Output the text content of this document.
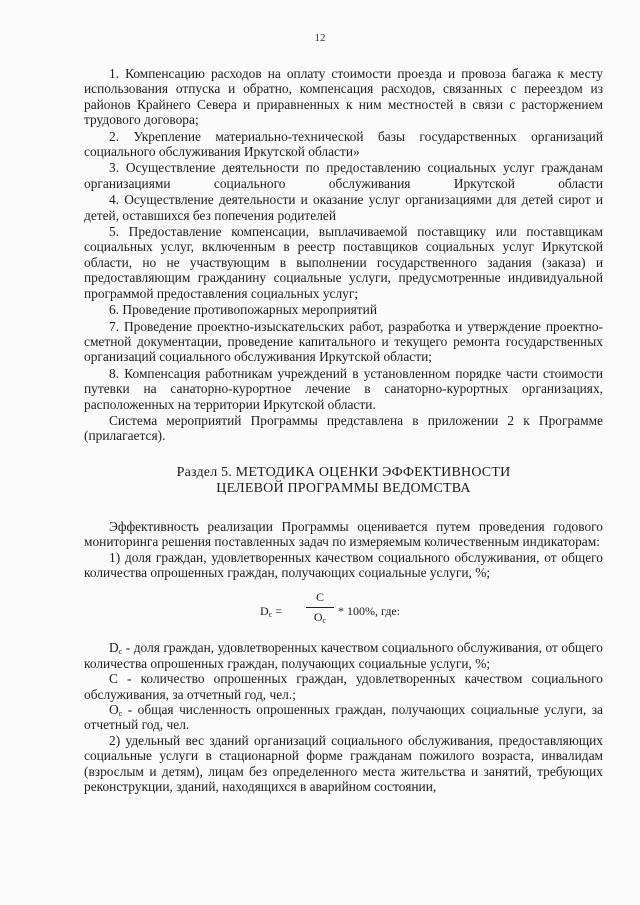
12

1. Компенсацию расходов на оплату стоимости проезда и провоза багажа к месту использования отпуска и обратно, компенсация расходов, связанных с переездом из районов Крайнего Севера и приравненных к ним местностей в связи с расторжением трудового договора;

2. Укрепление материально-технической базы государственных организаций социального обслуживания Иркутской области»

3. Осуществление деятельности по предоставлению социальных услуг гражданам организациями социального обслуживания Иркутской области

4. Осуществление деятельности и оказание услуг организациями для детей сирот и детей, оставшихся без попечения родителей

5. Предоставление компенсации, выплачиваемой поставщику или поставщикам социальных услуг, включенным в реестр поставщиков социальных услуг Иркутской области, но не участвующим в выполнении государственного задания (заказа) и предоставляющим гражданину социальные услуги, предусмотренные индивидуальной программой предоставления социальных услуг;

6. Проведение противопожарных мероприятий

7. Проведение проектно-изыскательских работ, разработка и утверждение проектно-сметной документации, проведение капитального и текущего ремонта государственных организаций социального обслуживания Иркутской области;

8. Компенсация работникам учреждений в установленном порядке части стоимости путевки на санаторно-курортное лечение в санаторно-курортных организациях, расположенных на территории Иркутской области.

Система мероприятий Программы представлена в приложении 2 к Программе (прилагается).

Раздел 5. МЕТОДИКА ОЦЕНКИ ЭФФЕКТИВНОСТИ
ЦЕЛЕВОЙ ПРОГРАММЫ ВЕДОМСТВА

Эффективность реализации Программы оценивается путем проведения годового мониторинга решения поставленных задач по измеряемым количественным индикаторам:

1) доля граждан, удовлетворенных качеством социального обслуживания, от общего количества опрошенных граждан, получающих социальные услуги, %;

$D_c$ =
C
$O_c$
* 100%, где:

$D_c$ - доля граждан, удовлетворенных качеством социального обслуживания, от общего количества опрошенных граждан, получающих социальные услуги, %;

С - количество опрошенных граждан, удовлетворенных качеством социального обслуживания, за отчетный год, чел.;

$О_с$ - общая численность опрошенных граждан, получающих социальные услуги, за отчетный год, чел.

2) удельный вес зданий организаций социального обслуживания, предоставляющих социальные услуги в стационарной форме гражданам пожилого возраста, инвалидам (взрослым и детям), лицам без определенного места жительства и занятий, требующих реконструкции, зданий, находящихся в аварийном состоянии,
